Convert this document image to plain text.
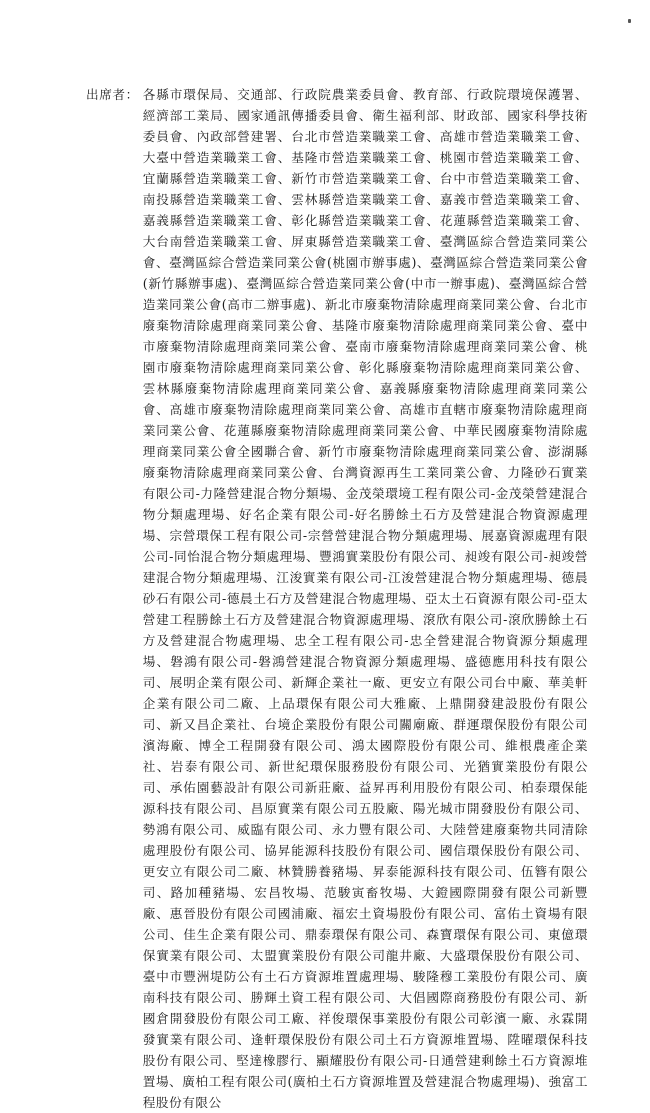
出席者： 各縣市環保局、交通部、行政院農業委員會、教育部、行政院環境保護署、經濟部工業局、國家通訊傳播委員會、衛生福利部、財政部、國家科學技術委員會、內政部營建署、台北市營造業職業工會、高雄市營造業職業工會、大臺中營造業職業工會、基隆市營造業職業工會、桃園市營造業職業工會、宜蘭縣營造業職業工會、新竹市營造業職業工會、台中市營造業職業工會、南投縣營造業職業工會、雲林縣營造業職業工會、嘉義市營造業職業工會、嘉義縣營造業職業工會、彰化縣營造業職業工會、花蓮縣營造業職業工會、大台南營造業職業工會、屏東縣營造業職業工會、臺灣區綜合營造業同業公會、臺灣區綜合營造業同業公會(桃園市辦事處)、臺灣區綜合營造業同業公會(新竹縣辦事處)、臺灣區綜合營造業同業公會(中市一辦事處)、臺灣區綜合營造業同業公會(高市二辦事處)、新北市廢棄物清除處理商業同業公會、台北市廢棄物清除處理商業同業公會、基隆市廢棄物清除處理商業同業公會、臺中市廢棄物清除處理商業同業公會、臺南市廢棄物清除處理商業同業公會、桃園市廢棄物清除處理商業同業公會、彰化縣廢棄物清除處理商業同業公會、雲林縣廢棄物清除處理商業同業公會、嘉義縣廢棄物清除處理商業同業公會、高雄市廢棄物清除處理商業同業公會、高雄市直轄市廢棄物清除處理商業同業公會、花蓮縣廢棄物清除處理商業同業公會、中華民國廢棄物清除處理商業同業公會全國聯合會、新竹市廢棄物清除處理商業同業公會、澎湖縣廢棄物清除處理商業同業公會、台灣資源再生工業同業公會、力隆砂石實業有限公司-力隆營建混合物分類場、金茂榮環境工程有限公司-金茂榮營建混合物分類處理場、好名企業有限公司-好名勝餘土石方及營建混合物資源處理場、宗營環保工程有限公司-宗營營建混合物分類處理場、展嘉資源處理有限公司-同怡混合物分類處理場、豐鴻實業股份有限公司、昶竣有限公司-昶竣營建混合物分類處理場、江浚實業有限公司-江浚營建混合物分類處理場、德晨砂石有限公司-德晨土石方及營建混合物處理場、亞太土石資源有限公司-亞太營建工程勝餘土石方及營建混合物資源處理場、滾欣有限公司-滾欣勝餘土石方及營建混合物處理場、忠全工程有限公司-忠全營建混合物資源分類處理場、磐鴻有限公司-磐鴻營建混合物資源分類處理場、盛德應用科技有限公司、展明企業有限公司、新輝企業社一廠、更安立有限公司台中廠、華美軒企業有限公司二廠、上品環保有限公司大雅廠、上鼎開發建設股份有限公司、新又昌企業社、台境企業股份有限公司關廟廠、群運環保股份有限公司濱海廠、博全工程開發有限公司、鴻太國際股份有限公司、維根農產企業社、岩泰有限公司、新世紀環保服務股份有限公司、光猶實業股份有限公司、承佑園藝設計有限公司新莊廠、益昇再利用股份有限公司、柏泰環保能源科技有限公司、昌原實業有限公司五股廠、陽光城市開發股份有限公司、勢鴻有限公司、威臨有限公司、永力豐有限公司、大陸營建廢棄物共同清除處理股份有限公司、協昇能源科技股份有限公司、國信環保股份有限公司、更安立有限公司二廠、林贊勝養豬場、昇泰能源科技有限公司、伍簪有限公司、路加種豬場、宏昌牧場、范駿寅畜牧場、大鐙國際開發有限公司新豐廠、惠晉股份有限公司國浦廠、福宏土資場股份有限公司、富佑土資場有限公司、佳生企業有限公司、鼎泰環保有限公司、森寶環保有限公司、東億環保實業有限公司、太盟實業股份有限公司龍井廠、大盛環保股份有限公司、臺中市豐洲堤防公有土石方資源堆置處理場、駿隆穆工業股份有限公司、廣南科技有限公司、勝輝土資工程有限公司、大倡國際商務股份有限公司、新國倉開發股份有限公司工廠、祥俊環保事業股份有限公司彰濱一廠、永霖開發實業有限公司、逢軒環保股份有限公司土石方資源堆置場、陞曜環保科技股份有限公司、堅達橡膠行、顯耀股份有限公司-日通營建剩餘土石方資源堆置場、廣柏工程有限公司(廣柏土石方資源堆置及營建混合物處理場)、強富工程股份有限公
